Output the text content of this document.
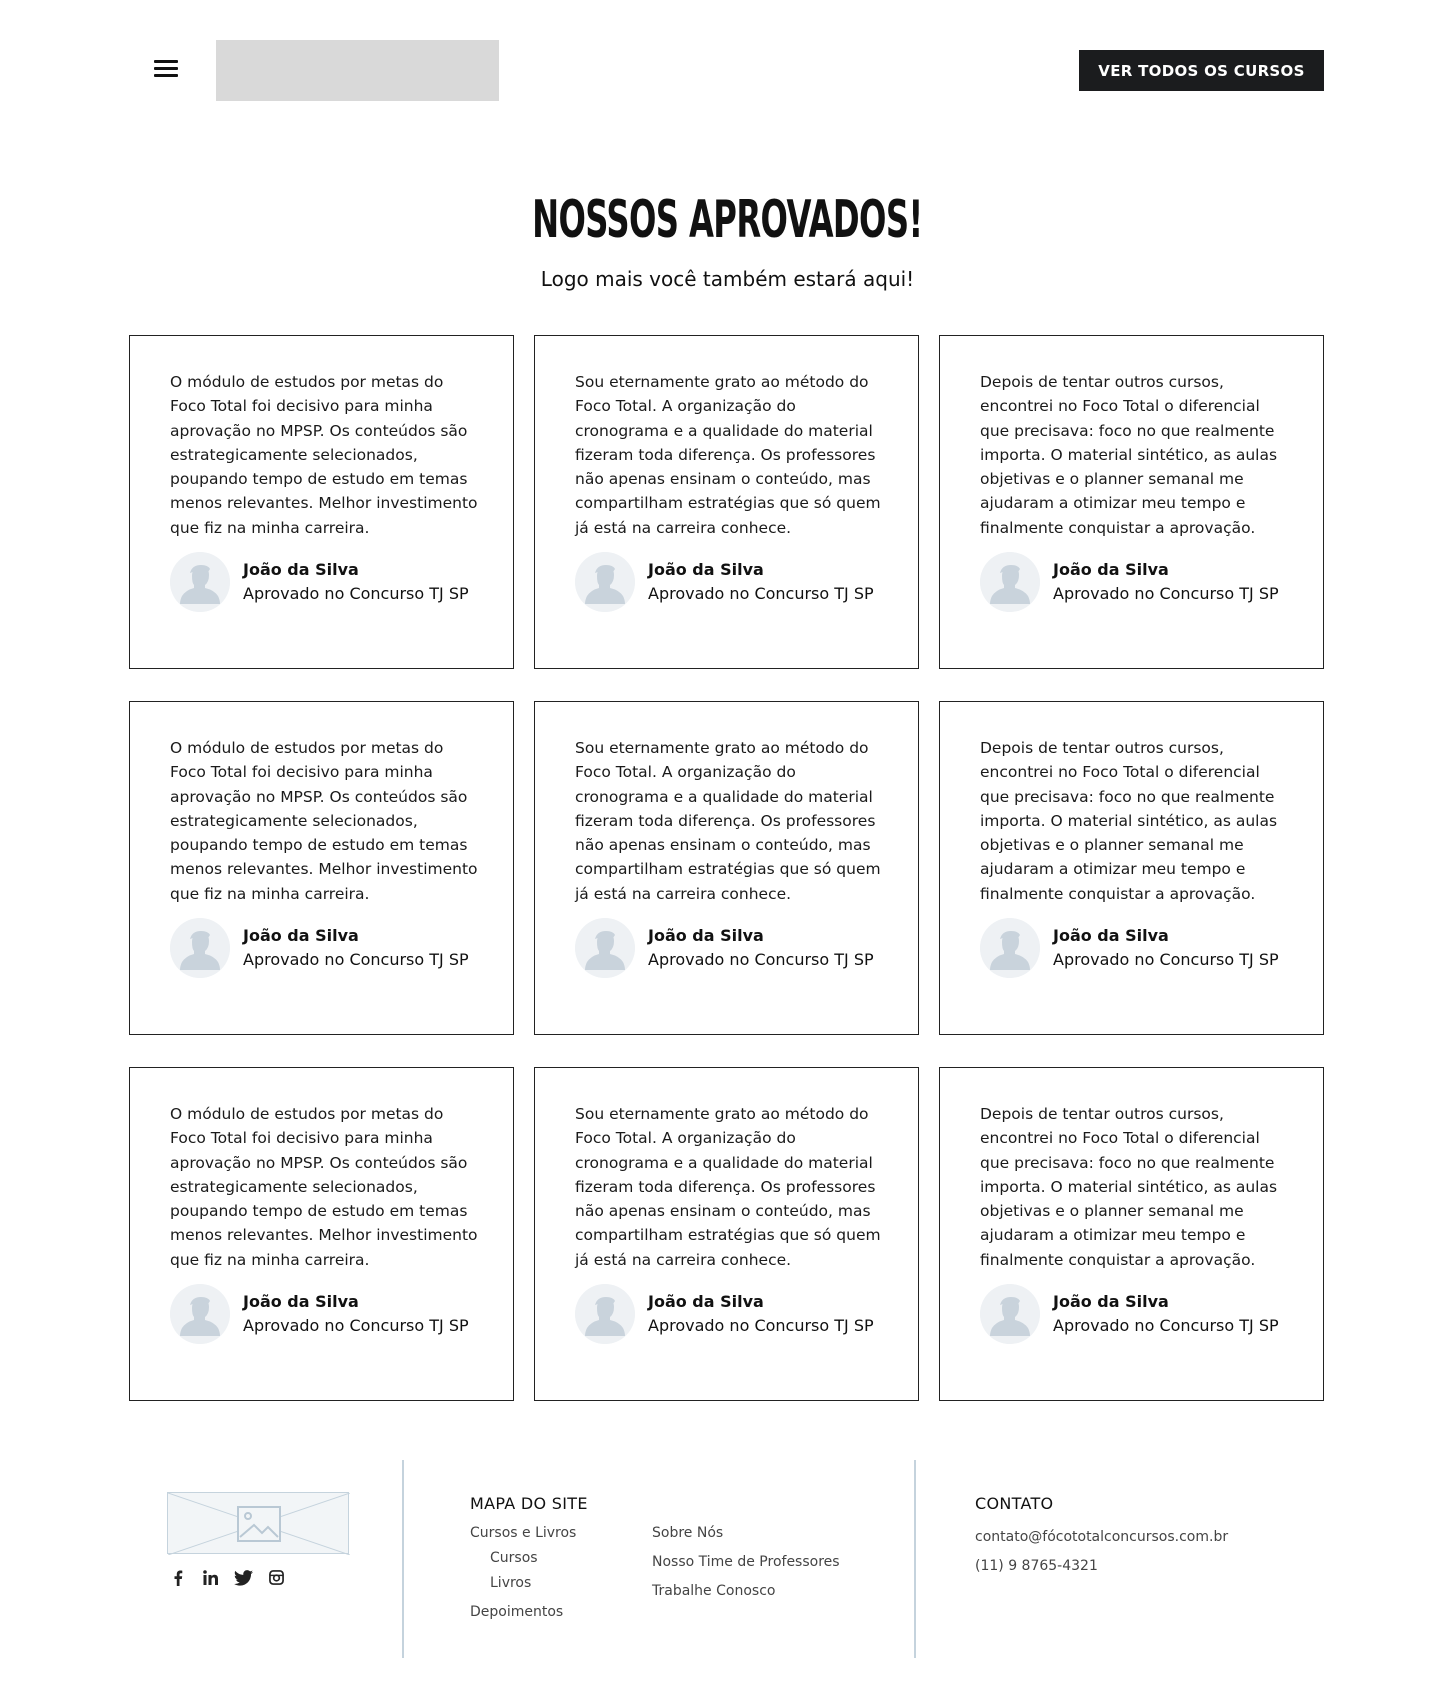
VER TODOS OS CURSOS
NOSSOS APROVADOS!

Logo mais você também estará aqui!

O módulo de estudos por metas do Foco Total foi decisivo para minha aprovação no MPSP. Os conteúdos são estrategicamente selecionados, poupando tempo de estudo em temas menos relevantes. Melhor investimento que fiz na minha carreira.

João da Silva
Aprovado no Concurso TJ SP

Sou eternamente grato ao método do Foco Total. A organização do cronograma e a qualidade do material fizeram toda diferença. Os professores não apenas ensinam o conteúdo, mas compartilham estratégias que só quem já está na carreira conhece.

João da Silva
Aprovado no Concurso TJ SP

Depois de tentar outros cursos, encontrei no Foco Total o diferencial que precisava: foco no que realmente importa. O material sintético, as aulas objetivas e o planner semanal me ajudaram a otimizar meu tempo e finalmente conquistar a aprovação.

João da Silva
Aprovado no Concurso TJ SP

O módulo de estudos por metas do Foco Total foi decisivo para minha aprovação no MPSP. Os conteúdos são estrategicamente selecionados, poupando tempo de estudo em temas menos relevantes. Melhor investimento que fiz na minha carreira.

João da Silva
Aprovado no Concurso TJ SP

Sou eternamente grato ao método do Foco Total. A organização do cronograma e a qualidade do material fizeram toda diferença. Os professores não apenas ensinam o conteúdo, mas compartilham estratégias que só quem já está na carreira conhece.

João da Silva
Aprovado no Concurso TJ SP

Depois de tentar outros cursos, encontrei no Foco Total o diferencial que precisava: foco no que realmente importa. O material sintético, as aulas objetivas e o planner semanal me ajudaram a otimizar meu tempo e finalmente conquistar a aprovação.

João da Silva
Aprovado no Concurso TJ SP

O módulo de estudos por metas do Foco Total foi decisivo para minha aprovação no MPSP. Os conteúdos são estrategicamente selecionados, poupando tempo de estudo em temas menos relevantes. Melhor investimento que fiz na minha carreira.

João da Silva
Aprovado no Concurso TJ SP

Sou eternamente grato ao método do Foco Total. A organização do cronograma e a qualidade do material fizeram toda diferença. Os professores não apenas ensinam o conteúdo, mas compartilham estratégias que só quem já está na carreira conhece.

João da Silva
Aprovado no Concurso TJ SP

Depois de tentar outros cursos, encontrei no Foco Total o diferencial que precisava: foco no que realmente importa. O material sintético, as aulas objetivas e o planner semanal me ajudaram a otimizar meu tempo e finalmente conquistar a aprovação.

João da Silva
Aprovado no Concurso TJ SP
MAPA DO SITE
Cursos e Livros
Cursos
Livros
Depoimentos
Sobre Nós
Nosso Time de Professores
Trabalhe Conosco
CONTATO
contato@fócototalconcursos.com.br
(11) 9 8765-4321
